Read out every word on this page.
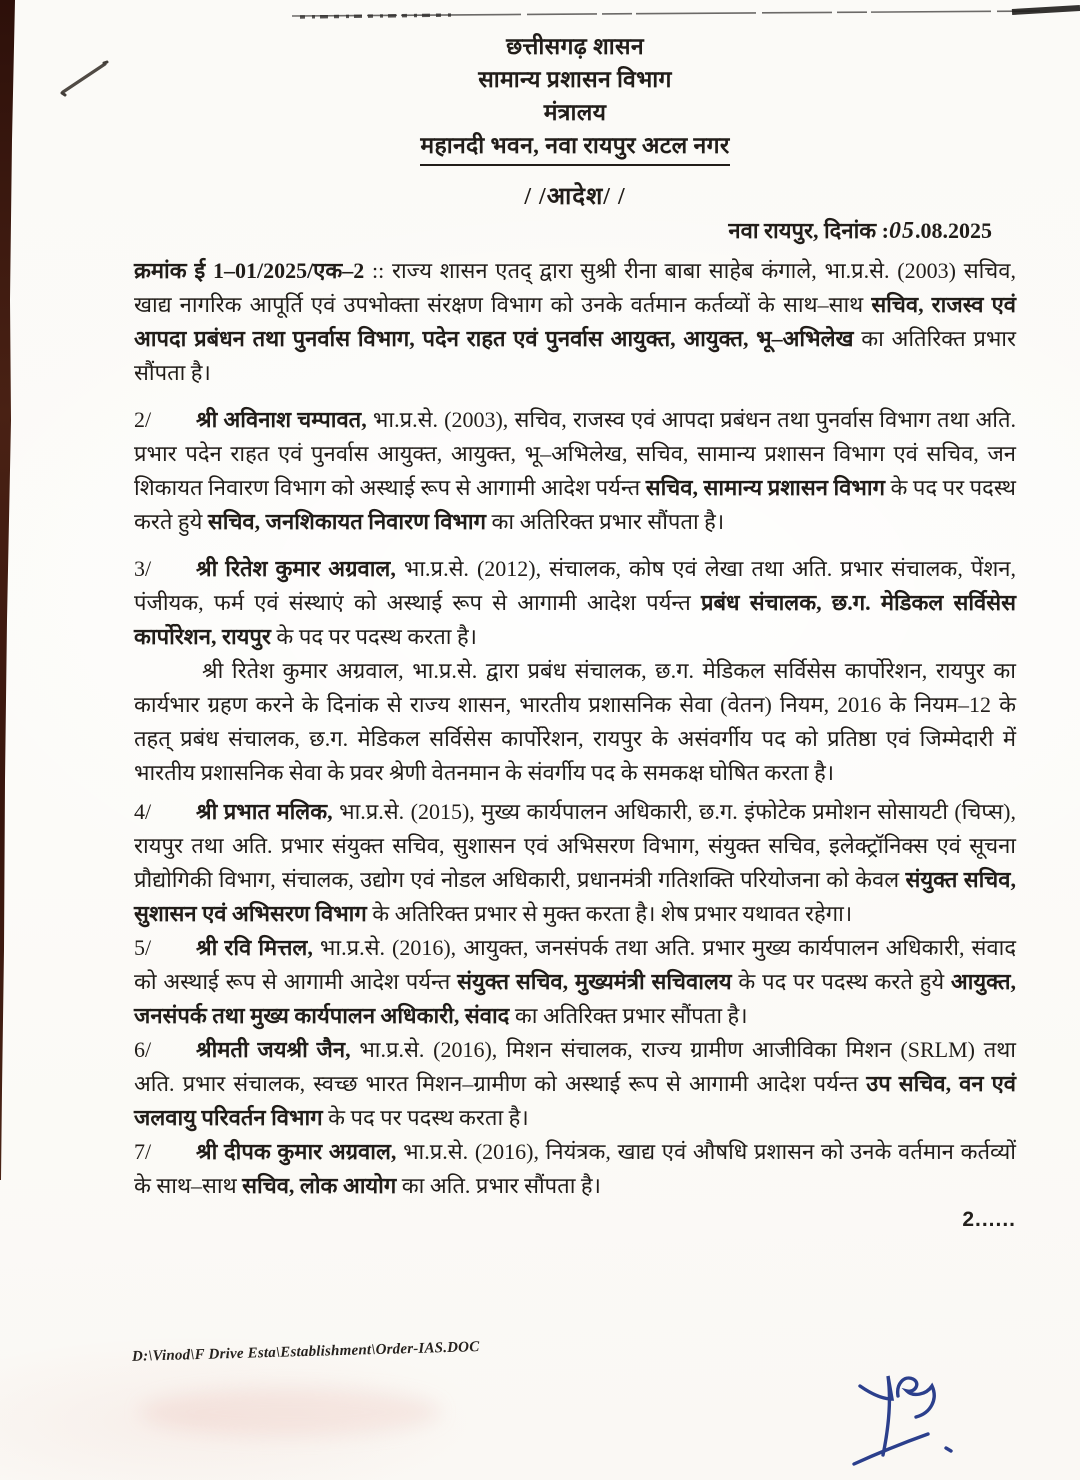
छत्तीसगढ़ शासन
सामान्य प्रशासन विभाग
मंत्रालय
महानदी भवन, नवा रायपुर अटल नगर
/ /आदेश/ /
नवा रायपुर, दिनांक :05.08.2025
क्रमांक ई 1–01/2025/एक–2 :: राज्य शासन एतद् द्वारा सुश्री रीना बाबा साहेब कंगाले, भा.प्र.से. (2003) सचिव, खाद्य नागरिक आपूर्ति एवं उपभोक्ता संरक्षण विभाग को उनके वर्तमान कर्तव्यों के साथ–साथ सचिव, राजस्व एवं आपदा प्रबंधन तथा पुनर्वास विभाग, पदेन राहत एवं पुनर्वास आयुक्त, आयुक्त, भू–अभिलेख का अतिरिक्त प्रभार सौंपता है।
2/ श्री अविनाश चम्पावत, भा.प्र.से. (2003), सचिव, राजस्व एवं आपदा प्रबंधन तथा पुनर्वास विभाग तथा अति. प्रभार पदेन राहत एवं पुनर्वास आयुक्त, आयुक्त, भू–अभिलेख, सचिव, सामान्य प्रशासन विभाग एवं सचिव, जन शिकायत निवारण विभाग को अस्थाई रूप से आगामी आदेश पर्यन्त सचिव, सामान्य प्रशासन विभाग के पद पर पदस्थ करते हुये सचिव, जनशिकायत निवारण विभाग का अतिरिक्त प्रभार सौंपता है।
3/ श्री रितेश कुमार अग्रवाल, भा.प्र.से. (2012), संचालक, कोष एवं लेखा तथा अति. प्रभार संचालक, पेंशन, पंजीयक, फर्म एवं संस्थाएं को अस्थाई रूप से आगामी आदेश पर्यन्त प्रबंध संचालक, छ.ग. मेडिकल सर्विसेस कार्पोरेशन, रायपुर के पद पर पदस्थ करता है।
श्री रितेश कुमार अग्रवाल, भा.प्र.से. द्वारा प्रबंध संचालक, छ.ग. मेडिकल सर्विसेस कार्पोरेशन, रायपुर का कार्यभार ग्रहण करने के दिनांक से राज्य शासन, भारतीय प्रशासनिक सेवा (वेतन) नियम, 2016 के नियम–12 के तहत् प्रबंध संचालक, छ.ग. मेडिकल सर्विसेस कार्पोरेशन, रायपुर के असंवर्गीय पद को प्रतिष्ठा एवं जिम्मेदारी में भारतीय प्रशासनिक सेवा के प्रवर श्रेणी वेतनमान के संवर्गीय पद के समकक्ष घोषित करता है।
4/ श्री प्रभात मलिक, भा.प्र.से. (2015), मुख्य कार्यपालन अधिकारी, छ.ग. इंफोटेक प्रमोशन सोसायटी (चिप्स), रायपुर तथा अति. प्रभार संयुक्त सचिव, सुशासन एवं अभिसरण विभाग, संयुक्त सचिव, इलेक्ट्रॉनिक्स एवं सूचना प्रौद्योगिकी विभाग, संचालक, उद्योग एवं नोडल अधिकारी, प्रधानमंत्री गतिशक्ति परियोजना को केवल संयुक्त सचिव, सुशासन एवं अभिसरण विभाग के अतिरिक्त प्रभार से मुक्त करता है। शेष प्रभार यथावत रहेगा।
5/ श्री रवि मित्तल, भा.प्र.से. (2016), आयुक्त, जनसंपर्क तथा अति. प्रभार मुख्य कार्यपालन अधिकारी, संवाद को अस्थाई रूप से आगामी आदेश पर्यन्त संयुक्त सचिव, मुख्यमंत्री सचिवालय के पद पर पदस्थ करते हुये आयुक्त, जनसंपर्क तथा मुख्य कार्यपालन अधिकारी, संवाद का अतिरिक्त प्रभार सौंपता है।
6/ श्रीमती जयश्री जैन, भा.प्र.से. (2016), मिशन संचालक, राज्य ग्रामीण आजीविका मिशन (SRLM) तथा अति. प्रभार संचालक, स्वच्छ भारत मिशन–ग्रामीण को अस्थाई रूप से आगामी आदेश पर्यन्त उप सचिव, वन एवं जलवायु परिवर्तन विभाग के पद पर पदस्थ करता है।
7/ श्री दीपक कुमार अग्रवाल, भा.प्र.से. (2016), नियंत्रक, खाद्य एवं औषधि प्रशासन को उनके वर्तमान कर्तव्यों के साथ–साथ सचिव, लोक आयोग का अति. प्रभार सौंपता है।
2......
D:\Vinod\F Drive Esta\Establishment\Order-IAS.DOC
